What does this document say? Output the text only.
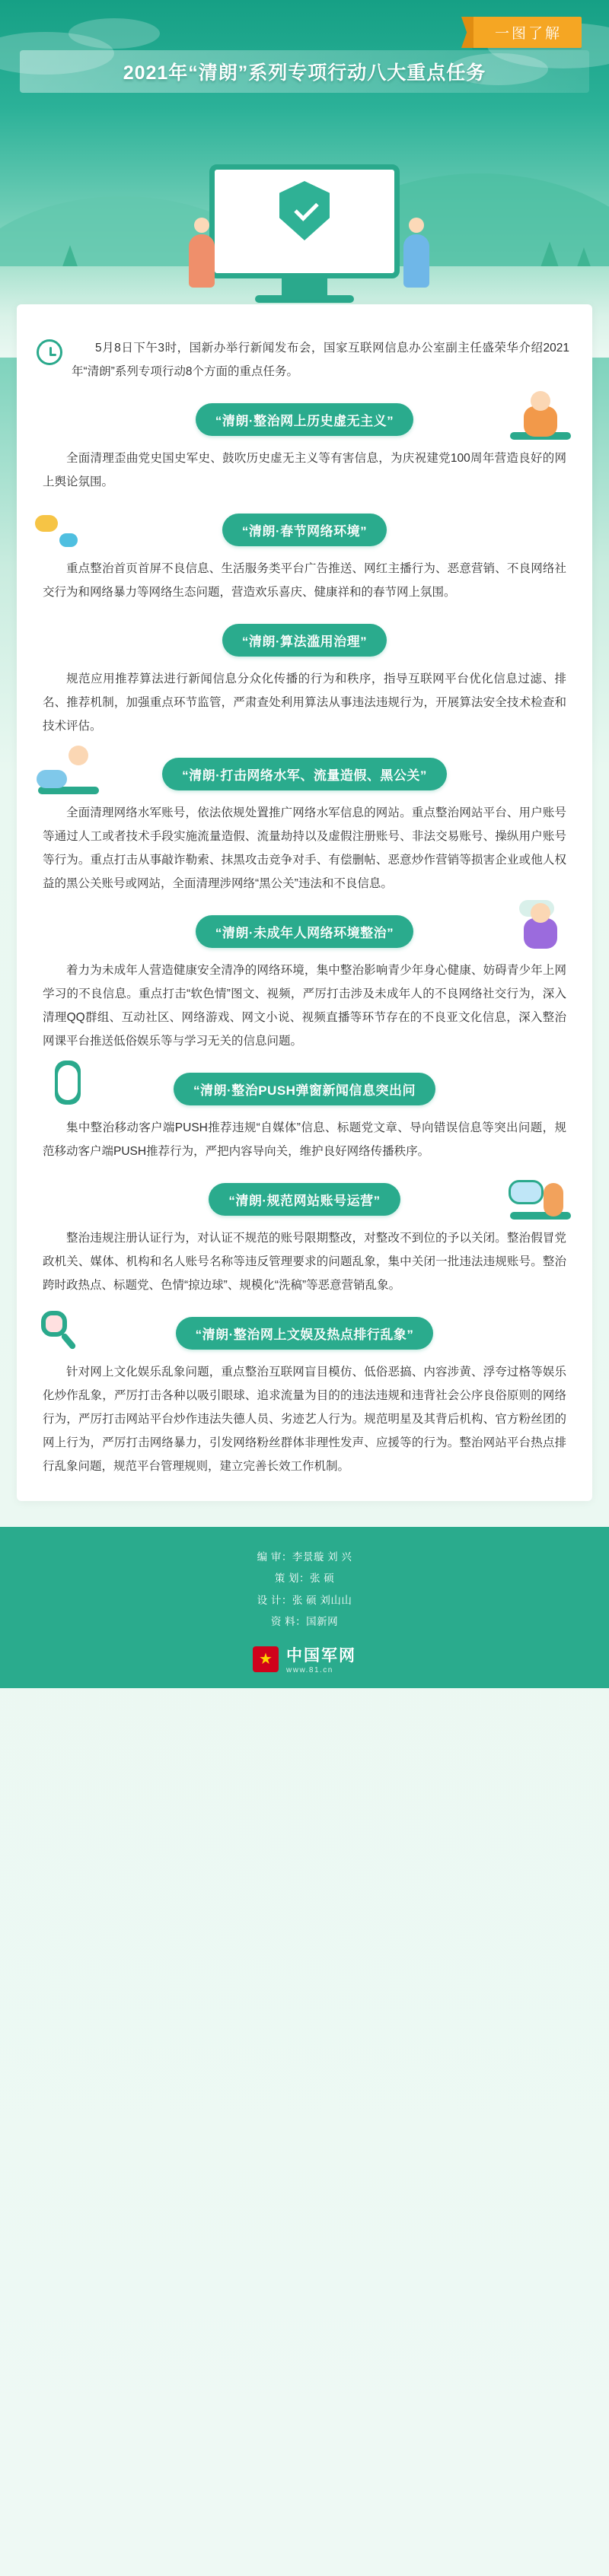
一图了解
2021年“清朗”系列专项行动八大重点任务
5月8日下午3时，国新办举行新闻发布会，国家互联网信息办公室副主任盛荣华介绍2021年“清朗”系列专项行动8个方面的重点任务。
“清朗·整治网上历史虚无主义”
全面清理歪曲党史国史军史、鼓吹历史虚无主义等有害信息，为庆祝建党100周年营造良好的网上舆论氛围。
“清朗·春节网络环境”
重点整治首页首屏不良信息、生活服务类平台广告推送、网红主播行为、恶意营销、不良网络社交行为和网络暴力等网络生态问题，营造欢乐喜庆、健康祥和的春节网上氛围。
“清朗·算法滥用治理”
规范应用推荐算法进行新闻信息分众化传播的行为和秩序，指导互联网平台优化信息过滤、排名、推荐机制，加强重点环节监管，严肃查处利用算法从事违法违规行为，开展算法安全技术检查和技术评估。
“清朗·打击网络水军、流量造假、黑公关”
全面清理网络水军账号，依法依规处置推广网络水军信息的网站。重点整治网站平台、用户账号等通过人工或者技术手段实施流量造假、流量劫持以及虚假注册账号、非法交易账号、操纵用户账号等行为。重点打击从事敲诈勒索、抹黑攻击竞争对手、有偿删帖、恶意炒作营销等损害企业或他人权益的黑公关账号或网站，全面清理涉网络“黑公关”违法和不良信息。
“清朗·未成年人网络环境整治”
着力为未成年人营造健康安全清净的网络环境，集中整治影响青少年身心健康、妨碍青少年上网学习的不良信息。重点打击“软色情”图文、视频，严厉打击涉及未成年人的不良网络社交行为，深入清理QQ群组、互动社区、网络游戏、网文小说、视频直播等环节存在的不良亚文化信息，深入整治网课平台推送低俗娱乐等与学习无关的信息问题。
“清朗·整治PUSH弹窗新闻信息突出问
集中整治移动客户端PUSH推荐违规“自媒体”信息、标题党文章、导向错误信息等突出问题，规范移动客户端PUSH推荐行为，严把内容导向关，维护良好网络传播秩序。
“清朗·规范网站账号运营”
整治违规注册认证行为，对认证不规范的账号限期整改，对整改不到位的予以关闭。整治假冒党政机关、媒体、机构和名人账号名称等违反管理要求的问题乱象，集中关闭一批违法违规账号。整治跨时政热点、标题党、色情“掠边球”、规模化“洗稿”等恶意营销乱象。
“清朗·整治网上文娱及热点排行乱象”
针对网上文化娱乐乱象问题，重点整治互联网盲目模仿、低俗恶搞、内容涉黄、浮夸过格等娱乐化炒作乱象，严厉打击各种以吸引眼球、追求流量为目的的违法违规和违背社会公序良俗原则的网络行为，严厉打击网站平台炒作违法失德人员、劣迹艺人行为。规范明星及其背后机构、官方粉丝团的网上行为，严厉打击网络暴力，引发网络粉丝群体非理性发声、应援等的行为。整治网站平台热点排行乱象问题，规范平台管理规则，建立完善长效工作机制。
编 审：李景璇 刘 兴
策 划：张 硕
设 计：张 硕 刘山山
资 料：国新网
★
中国军网
www.81.cn
